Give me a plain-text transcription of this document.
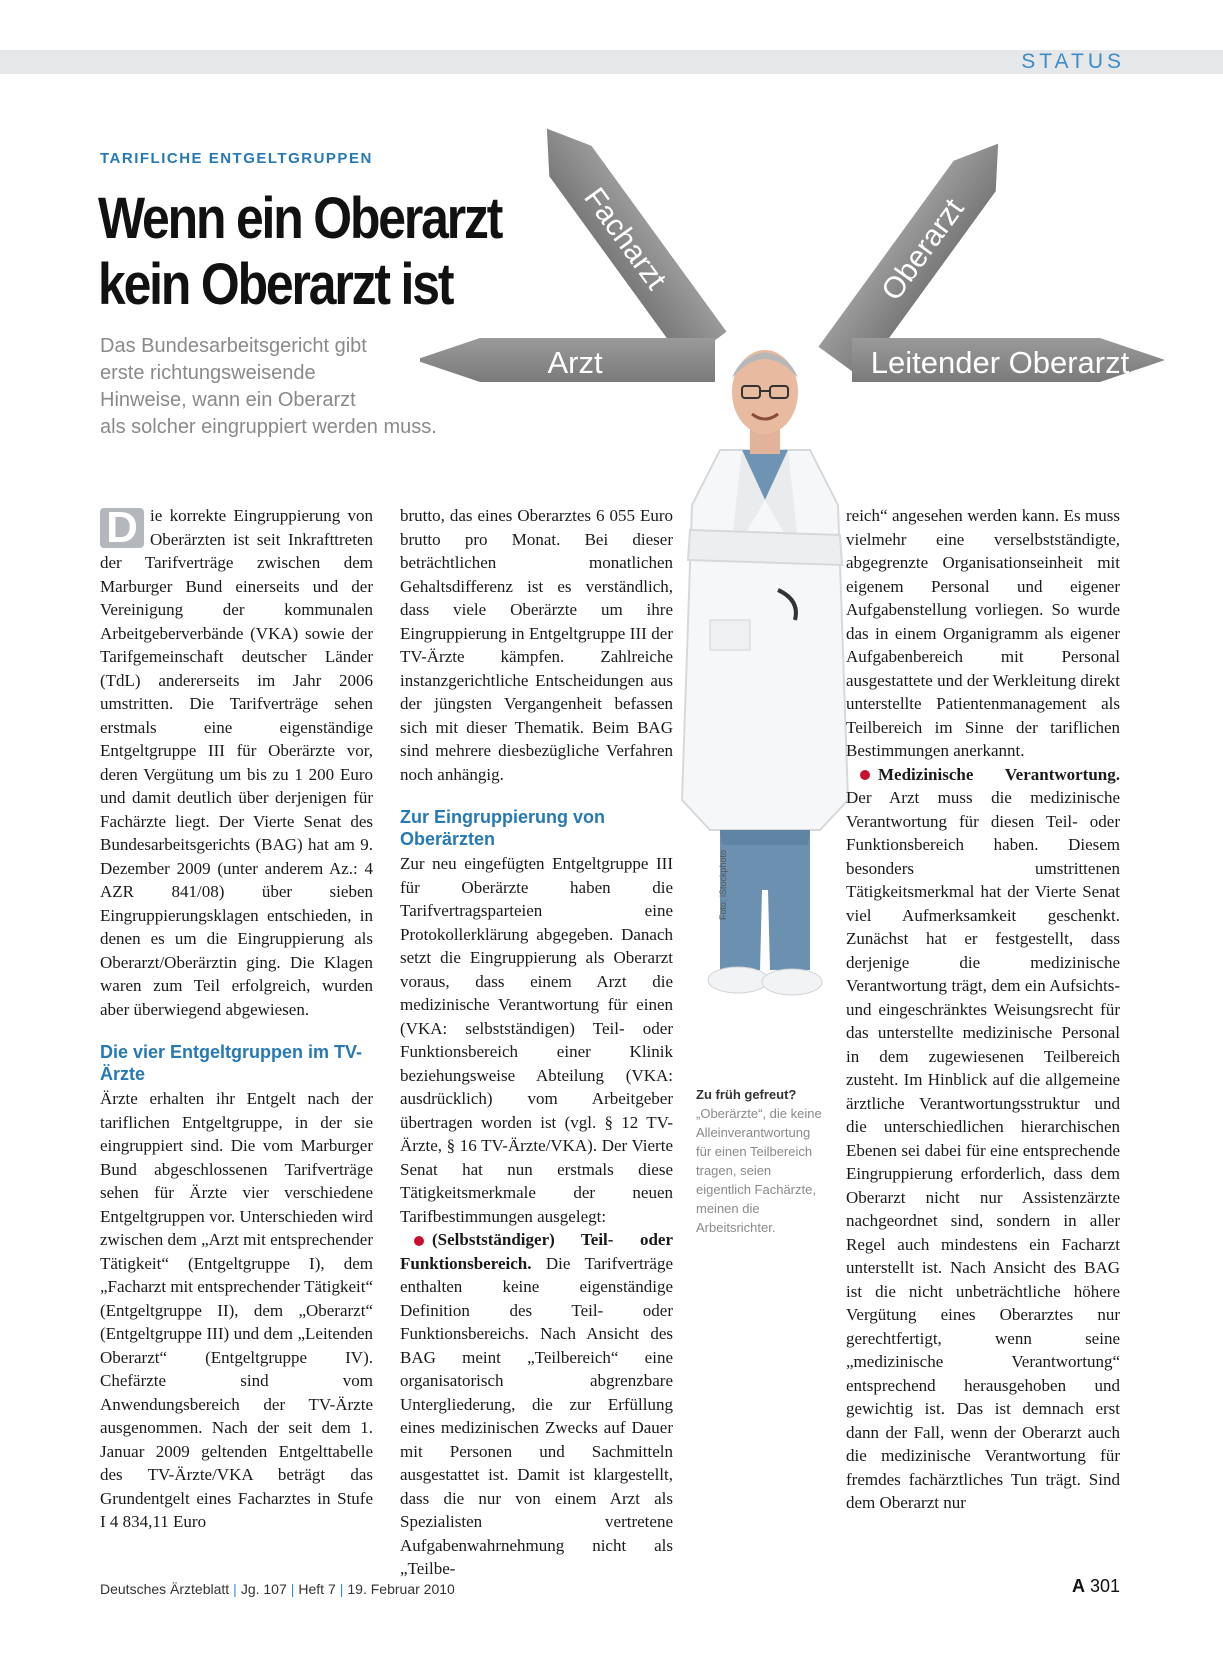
STATUS
TARIFLICHE ENTGELTGRUPPEN
Wenn ein Oberarzt
kein Oberarzt ist
Das Bundesarbeitsgericht gibt
erste richtungsweisende
Hinweise, wann ein Oberarzt
als solcher eingruppiert werden muss.
Facharzt	Oberarzt
Arzt	Leitender Oberarzt
Foto: iStockphoto
Zu früh gefreut?
„Oberärzte“, die keine Alleinverantwortung für einen Teilbereich tragen, seien eigentlich Fachärzte, meinen die Arbeitsrichter.

D ie korrekte Eingruppierung von Oberärzten ist seit Inkrafttreten der Tarifverträge zwischen dem Marburger Bund einerseits und der Vereinigung der kommunalen Arbeitgeberverbände (VKA) sowie der Tarifgemeinschaft deutscher Länder (TdL) andererseits im Jahr 2006 umstritten. Die Tarifverträge sehen erstmals eine eigenständige Entgeltgruppe III für Oberärzte vor, deren Vergütung um bis zu 1 200 Euro und damit deutlich über derjenigen für Fachärzte liegt. Der Vierte Senat des Bundesarbeitsgerichts (BAG) hat am 9. Dezember 2009 (unter anderem Az.: 4 AZR 841/08) über sieben Eingruppierungsklagen entschieden, in denen es um die Eingruppierung als Oberarzt/Oberärztin ging. Die Klagen waren zum Teil erfolgreich, wurden aber überwiegend abgewiesen.

Die vier Entgeltgruppen im TV-Ärzte

Ärzte erhalten ihr Entgelt nach der tariflichen Entgeltgruppe, in der sie eingruppiert sind. Die vom Marburger Bund abgeschlossenen Tarifverträge sehen für Ärzte vier verschiedene Entgeltgruppen vor. Unterschieden wird zwischen dem „Arzt mit entsprechender Tätigkeit“ (Entgeltgruppe I), dem „Facharzt mit entsprechender Tätigkeit“ (Entgeltgruppe II), dem „Oberarzt“ (Entgeltgruppe III) und dem „Leitenden Oberarzt“ (Entgeltgruppe IV). Chefärzte sind vom Anwendungsbereich der TV-Ärzte ausgenommen. Nach der seit dem 1. Januar 2009 geltenden Entgelttabelle des TV-Ärzte/VKA beträgt das Grundentgelt eines Facharztes in Stufe I 4 834,11 Euro

brutto, das eines Oberarztes 6 055 Euro brutto pro Monat. Bei dieser beträchtlichen monatlichen Gehaltsdifferenz ist es verständlich, dass viele Oberärzte um ihre Eingruppierung in Entgeltgruppe III der TV-Ärzte kämpfen. Zahlreiche instanzgerichtliche Entscheidungen aus der jüngsten Vergangenheit befassen sich mit dieser Thematik. Beim BAG sind mehrere diesbezügliche Verfahren noch anhängig.

Zur Eingruppierung von Oberärzten

Zur neu eingefügten Entgeltgruppe III für Oberärzte haben die Tarifvertragsparteien eine Protokollerklärung abgegeben. Danach setzt die Eingruppierung als Oberarzt voraus, dass einem Arzt die medizinische Verantwortung für einen (VKA: selbstständigen) Teil- oder Funktionsbereich einer Klinik beziehungsweise Abteilung (VKA: ausdrücklich) vom Arbeitgeber übertragen worden ist (vgl. § 12 TV-Ärzte, § 16 TV-Ärzte/VKA). Der Vierte Senat hat nun erstmals diese Tätigkeitsmerkmale der neuen Tarifbestimmungen ausgelegt:

(Selbstständiger) Teil- oder Funktionsbereich. Die Tarifverträge enthalten keine eigenständige Definition des Teil- oder Funktionsbereichs. Nach Ansicht des BAG meint „Teilbereich“ eine organisatorisch abgrenzbare Untergliederung, die zur Erfüllung eines medizinischen Zwecks auf Dauer mit Personen und Sachmitteln ausgestattet ist. Damit ist klargestellt, dass die nur von einem Arzt als Spezialisten vertretene Aufgabenwahrnehmung nicht als „Teilbe-

reich“ angesehen werden kann. Es muss vielmehr eine verselbstständigte, abgegrenzte Organisationseinheit mit eigenem Personal und eigener Aufgabenstellung vorliegen. So wurde das in einem Organigramm als eigener Aufgabenbereich mit Personal ausgestattete und der Werkleitung direkt unterstellte Patientenmanagement als Teilbereich im Sinne der tariflichen Bestimmungen anerkannt.

Medizinische Verantwortung. Der Arzt muss die medizinische Verantwortung für diesen Teil- oder Funktionsbereich haben. Diesem besonders umstrittenen Tätigkeitsmerkmal hat der Vierte Senat viel Aufmerksamkeit geschenkt. Zunächst hat er festgestellt, dass derjenige die medizinische Verantwortung trägt, dem ein Aufsichts- und eingeschränktes Weisungsrecht für das unterstellte medizinische Personal in dem zugewiesenen Teilbereich zusteht. Im Hinblick auf die allgemeine ärztliche Verantwortungsstruktur und die unterschiedlichen hierarchischen Ebenen sei dabei für eine entsprechende Eingruppierung erforderlich, dass dem Oberarzt nicht nur Assistenzärzte nachgeordnet sind, sondern in aller Regel auch mindestens ein Facharzt unterstellt ist. Nach Ansicht des BAG ist die nicht unbeträchtliche höhere Vergütung eines Oberarztes nur gerechtfertigt, wenn seine „medizinische Verantwortung“ entsprechend herausgehoben und gewichtig ist. Das ist demnach erst dann der Fall, wenn der Oberarzt auch die medizinische Verantwortung für fremdes fachärztliches Tun trägt. Sind dem Oberarzt nur

Deutsches Ärzteblatt | Jg. 107 | Heft 7 | 19. Februar 2010	A 301
